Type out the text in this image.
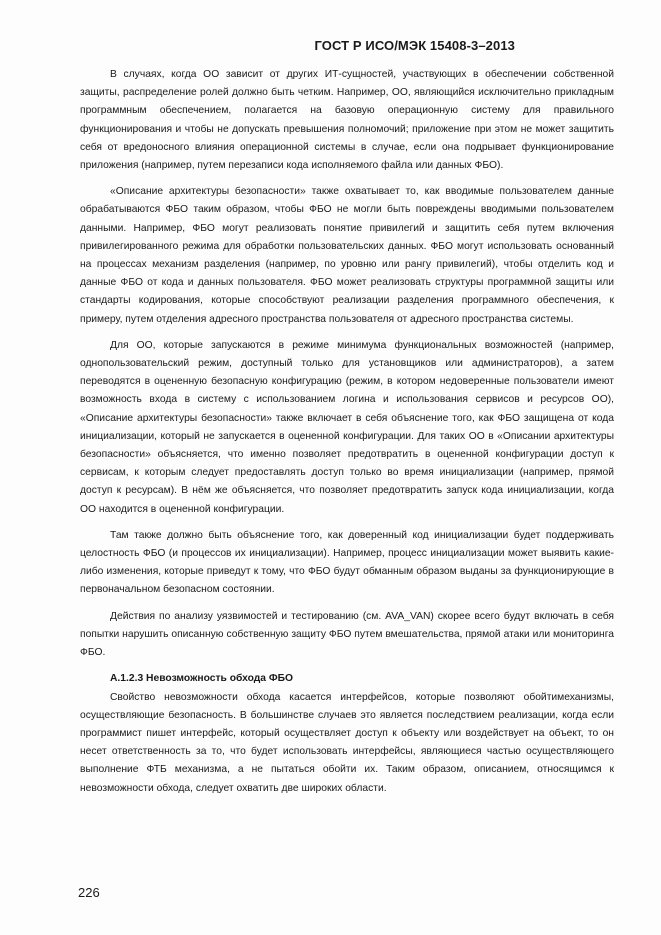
ГОСТ Р ИСО/МЭК 15408-3–2013

В случаях, когда ОО зависит от других ИТ-сущностей, участвующих в обеспечении собственной защиты, распределение ролей должно быть четким. Например, ОО, являющийся исключительно прикладным программным обеспечением, полагается на базовую операционную систему для правильного функционирования и чтобы не допускать превышения полномочий; приложение при этом не может защитить себя от вредоносного влияния операционной системы в случае, если она подрывает функционирование приложения (например, путем перезаписи кода исполняемого файла или данных ФБО).

«Описание архитектуры безопасности» также охватывает то, как вводимые пользователем данные обрабатываются ФБО таким образом, чтобы ФБО не могли быть повреждены вводимыми пользователем данными. Например, ФБО могут реализовать понятие привилегий и защитить себя путем включения привилегированного режима для обработки пользовательских данных. ФБО могут использовать основанный на процессах механизм разделения (например, по уровню или рангу привилегий), чтобы отделить код и данные ФБО от кода и данных пользователя. ФБО может реализовать структуры программной защиты или стандарты кодирования, которые способствуют реализации разделения программного обеспечения, к примеру, путем отделения адресного пространства пользователя от адресного пространства системы.

Для ОО, которые запускаются в режиме минимума функциональных возможностей (например, однопользовательский режим, доступный только для установщиков или администраторов), а затем переводятся в оцененную безопасную конфигурацию (режим, в котором недоверенные пользователи имеют возможность входа в систему с использованием логина и использования сервисов и ресурсов ОО), «Описание архитектуры безопасности» также включает в себя объяснение того, как ФБО защищена от кода инициализации, который не запускается в оцененной конфигурации. Для таких ОО в «Описании архитектуры безопасности» объясняется, что именно позволяет предотвратить в оцененной конфигурации доступ к сервисам, к которым следует предоставлять доступ только во время инициализации (например, прямой доступ к ресурсам). В нём же объясняется, что позволяет предотвратить запуск кода инициализации, когда ОО находится в оцененной конфигурации.

Там также должно быть объяснение того, как доверенный код инициализации будет поддерживать целостность ФБО (и процессов их инициализации). Например, процесс инициализации может выявить какие-либо изменения, которые приведут к тому, что ФБО будут обманным образом выданы за функционирующие в первоначальном безопасном состоянии.

Действия по анализу уязвимостей и тестированию (см. AVA_VAN) скорее всего будут включать в себя попытки нарушить описанную собственную защиту ФБО путем вмешательства, прямой атаки или мониторинга ФБО.

А.1.2.3 Невозможность обхода ФБО

Свойство невозможности обхода касается интерфейсов, которые позволяют обойтимеханизмы, осуществляющие безопасность. В большинстве случаев это является последствием реализации, когда если программист пишет интерфейс, который осуществляет доступ к объекту или воздействует на объект, то он несет ответственность за то, что будет использовать интерфейсы, являющиеся частью осуществляющего выполнение ФТБ механизма, а не пытаться обойти их. Таким образом, описанием, относящимся к невозможности обхода, следует охватить две широких области.

226
